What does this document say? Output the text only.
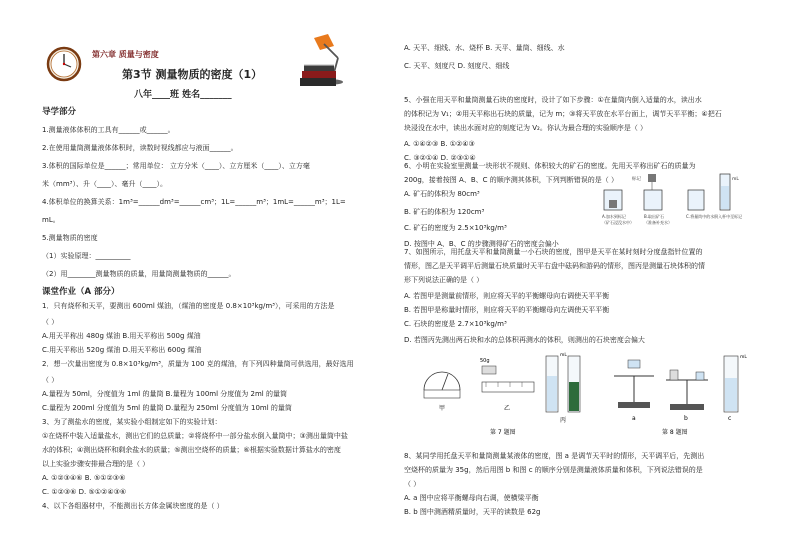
第六章 质量与密度
第3节 测量物质的密度（1）
八年____班 姓名_______
导学部分
1.测量液体体积的工具有______或______。
2.在使用量筒测量液体体积时，读数时视线都应与液面______。
3.体积的国际单位是______；常用单位： 立方分米（____）、立方厘米（____）、立方毫
米（mm³）、升（____）、毫升（____）。
4.体积单位的换算关系：1m³=______dm³=______cm³；1L=______m³；1mL=______m³；1L=
mL。
5.测量物质的密度
（1）实验原理：__________
（2）用________测量物质的质量，用量筒测量物质的______。
课堂作业（A 部分）
1．只有烧杯和天平，要测出 600ml 煤油，（煤油的密度是 0.8×10³kg/m³），可采用的方法是
（ ）
A.用天平称出 480g 煤油 B.用天平称出 500g 煤油
C.用天平称出 520g 煤油 D.用天平称出 600g 煤油
2．想一次量出密度为 0.8×10³kg/m³，质量为 100 克的煤油，有下列四种量筒可供选用，最好选用
（ ）
A.量程为 50ml，分度值为 1ml 的量筒 B.量程为 100ml 分度值为 2ml 的量筒
C.量程为 200ml 分度值为 5ml 的量筒 D.量程为 250ml 分度值为 10ml 的量筒
3、为了测盐水的密度，某实验小组制定如下的实验计划：
①在烧杯中装入适量盐水，测出它们的总质量；②将烧杯中一部分盐水倒入量筒中；③测出量筒中盐
水的体积；④测出烧杯和剩余盐水的质量；⑤测出空烧杯的质量；⑥根据实验数据计算盐水的密度
以上实验步骤安排最合理的是（ ）
A. ①②③④⑥ B. ⑤①②③⑥
C. ①②③⑥ D. ⑤①②④③⑥
4、以下各组器材中，不能测出长方体金属块密度的是（ ）
A. 天平、细线、水、烧杯 B. 天平、量筒、细线、水
C. 天平、刻度尺 D. 刻度尺、细线
5、小强在用天平和量筒测量石块的密度时，设计了如下步骤：①在量筒内倒入适量的水，读出水
的体积记为 V₁；②用天平称出石块的质量，记为 m；③将天平放在水平台面上，调节天平平衡；④把石
块浸没在水中，读出水面对应的刻度记为 V₂。你认为最合理的实验顺序是（ ）
A. ①④②③ B. ①②④③
C. ③②①④ D. ②③①④
6、小明在实验室里测量一块形状不规则、体积较大的矿石的密度。先用天平称出矿石的质量为
200g，接着按图 A、B、C 的顺序测其体积，下列判断错误的是（ ）
A. 矿石的体积为 80cm³
B. 矿石的体积为 120cm³
C. 矿石的密度为 2.5×10³kg/m³
D. 按图中 A、B、C 的步骤测得矿石的密度会偏小
7、如图所示，用托盘天平和量筒测量一小石块的密度，图甲是天平在某时刻时分度盘指针位置的
情形，图乙是天平调平后测量石块质量时天平右盘中砝码和游码的情形，图丙是测量石块体积的情
形下列说法正确的是（ ）
A. 若图甲是测量前情形，则应将天平的平衡螺母向右调使天平平衡
B. 若图甲是称量时情形，则应将天平的平衡螺母向左调使天平平衡
C. 石块的密度是 2.7×10³kg/m³
D. 若图丙先测出两石块和水的总体积再测水的体积，则测出的石块密度会偏大
8、某同学用托盘天平和量筒测量某液体的密度，图 a 是调节天平时的情形，天平调平后，先测出
空烧杯的质量为 35g，然后用图 b 和图 c 的顺序分别是测量液体质量和体积，下列说法错误的是
（ ）
A. a 图中应将平衡螺母向右调，使横梁平衡
B. b 图中测酒精质量时，天平的读数是 62g
标记	mL
A.加水到标记
（矿石浸没水中）
B.取出矿石
（准备补充水）
C.将量筒中的水倒入杯中至标记
甲
50g
乙
mL
丙
第 7 题图
a	b
mL
c
第 8 题图
